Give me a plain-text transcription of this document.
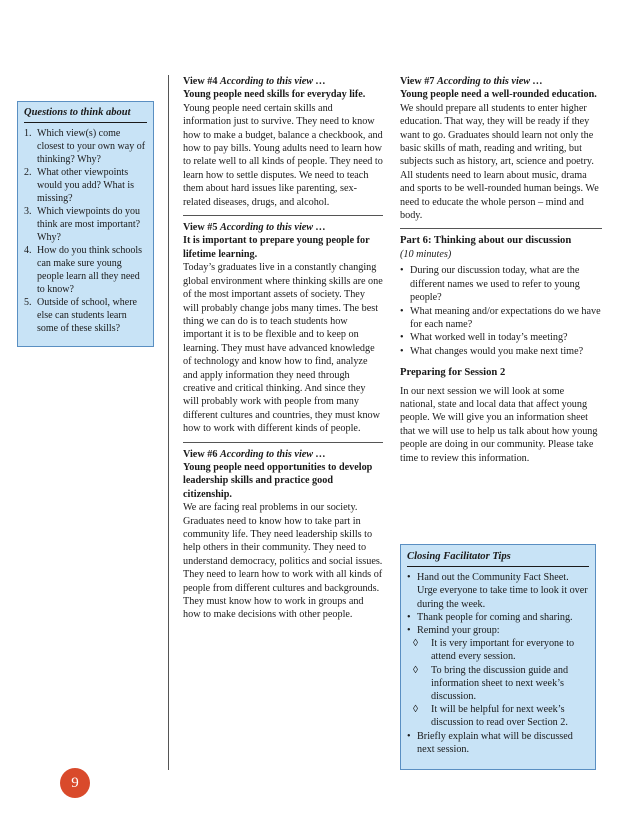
Questions to think about
1. Which view(s) come closest to your own way of thinking? Why?
2. What other viewpoints would you add? What is missing?
3. Which viewpoints do you think are most important? Why?
4. How do you think schools can make sure young people learn all they need to know?
5. Outside of school, where else can students learn some of these skills?
View #4 According to this view …
Young people need skills for everyday life.

Young people need certain skills and information just to survive. They need to know how to make a budget, balance a checkbook, and how to pay bills. Young adults need to learn how to relate well to all kinds of people. They need to learn how to settle disputes. We need to teach them about hard issues like parenting, sex-related diseases, drugs, and alcohol.

View #5 According to this view …
It is important to prepare young people for lifetime learning.

Today’s graduates live in a constantly changing global environment where thinking skills are one of the most important assets of society. They will probably change jobs many times. The best thing we can do is to teach students how important it is to be flexible and to keep on learning. They must have advanced knowledge of technology and know how to find, analyze and apply information they need through creative and critical thinking. And since they will probably work with people from many different cultures and countries, they must know how to work with different kinds of people.

View #6 According to this view …
Young people need opportunities to develop leadership skills and practice good citizenship.

We are facing real problems in our society. Graduates need to know how to take part in community life. They need leadership skills to help others in their community. They need to understand democracy, politics and social issues. They need to learn how to work with all kinds of people from different cultures and backgrounds. They must know how to work in groups and how to make decisions with other people.

View #7 According to this view …
Young people need a well-rounded education.

We should prepare all students to enter higher education. That way, they will be ready if they want to go. Graduates should learn not only the basic skills of math, reading and writing, but subjects such as history, art, science and poetry. All students need to learn about music, drama and sports to be well-rounded human beings. We need to educate the whole person – mind and body.

Part 6: Thinking about our discussion
(10 minutes)
• During our discussion today, what are the different names we used to refer to young people?
• What meaning and/or expectations do we have for each name?
• What worked well in today’s meeting?
• What changes would you make next time?
Preparing for Session 2

In our next session we will look at some national, state and local data that affect young people. We will give you an information sheet that we will use to help us talk about how young people are doing in our community. Please take time to review this information.

Closing Facilitator Tips
• Hand out the Community Fact Sheet. Urge everyone to take time to look it over during the week.
• Thank people for coming and sharing.
• Remind your group:
◊ It is very important for everyone to attend every session.
◊ To bring the discussion guide and information sheet to next week’s discussion.
◊ It will be helpful for next week’s discussion to read over Section 2.
• Briefly explain what will be discussed next session.
9
